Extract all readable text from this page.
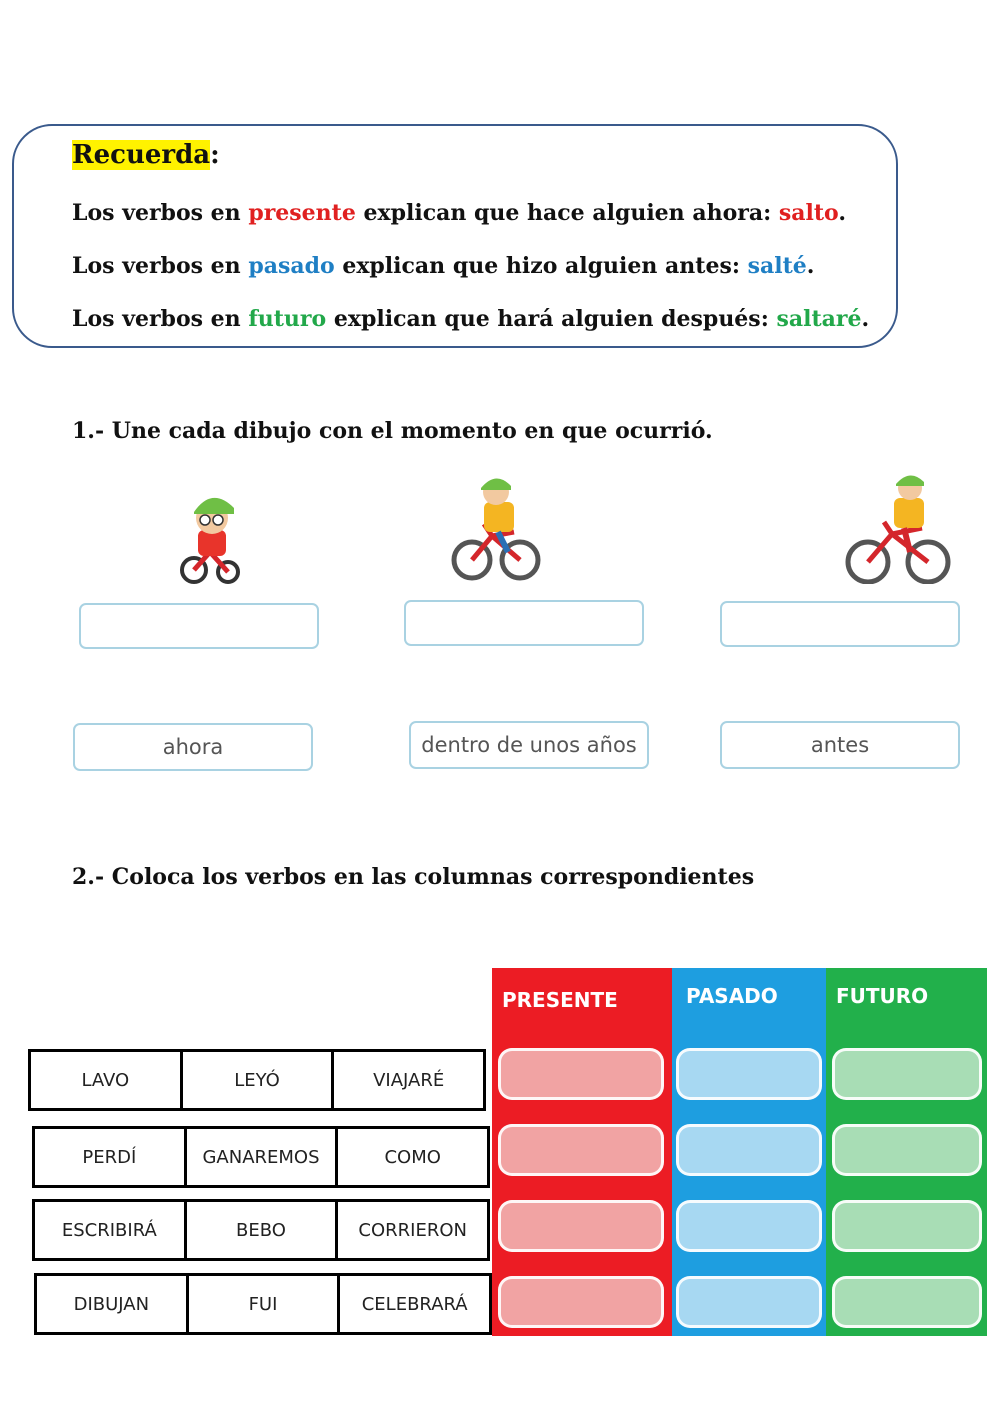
Recuerda:
Los verbos en presente explican que hace alguien ahora: salto.
Los verbos en pasado explican que hizo alguien antes: salté.
Los verbos en futuro explican que hará alguien después: saltaré.
1.- Une cada dibujo con el momento en que ocurrió.
ahora	dentro de unos años	antes
2.- Coloca los verbos en las columnas correspondientes
LAVO	LEYÓ	VIAJARÉ
PERDÍ	GANAREMOS	COMO
ESCRIBIRÁ	BEBO	CORRIERON
DIBUJAN	FUI	CELEBRARÁ
PRESENTE	PASADO	FUTURO
